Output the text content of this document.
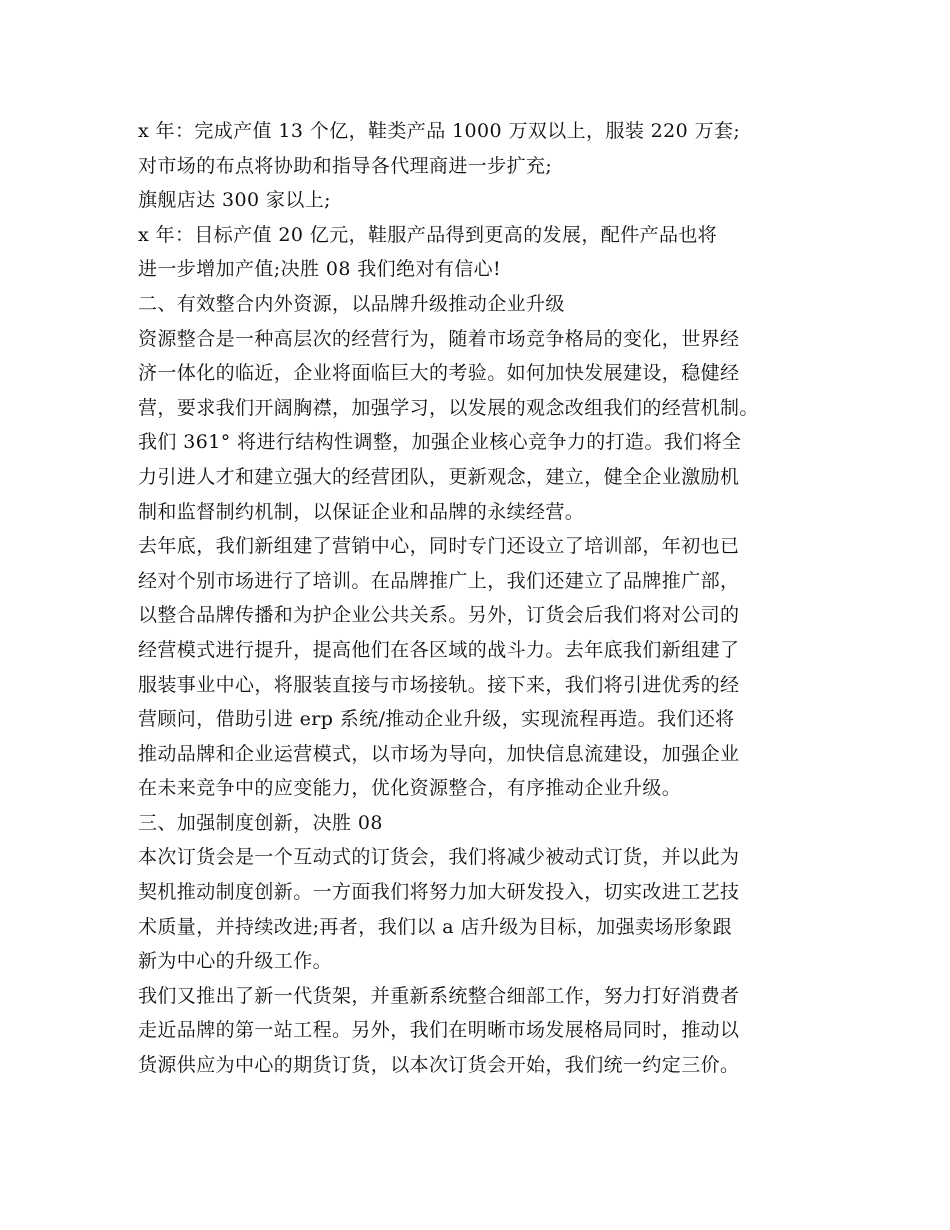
x 年：完成产值 13 个亿，鞋类产品 1000 万双以上，服装 220 万套;
对市场的布点将协助和指导各代理商进一步扩充;
旗舰店达 300 家以上;
x 年：目标产值 20 亿元，鞋服产品得到更高的发展，配件产品也将
进一步增加产值;决胜 08 我们绝对有信心!
二、有效整合内外资源，以品牌升级推动企业升级
资源整合是一种高层次的经营行为，随着市场竞争格局的变化，世界经
济一体化的临近，企业将面临巨大的考验。如何加快发展建设，稳健经
营，要求我们开阔胸襟，加强学习，以发展的观念改组我们的经营机制。
我们 361° 将进行结构性调整，加强企业核心竞争力的打造。我们将全
力引进人才和建立强大的经营团队，更新观念，建立，健全企业激励机
制和监督制约机制，以保证企业和品牌的永续经营。
去年底，我们新组建了营销中心，同时专门还设立了培训部，年初也已
经对个别市场进行了培训。在品牌推广上，我们还建立了品牌推广部，
以整合品牌传播和为护企业公共关系。另外，订货会后我们将对公司的
经营模式进行提升，提高他们在各区域的战斗力。去年底我们新组建了
服装事业中心，将服装直接与市场接轨。接下来，我们将引进优秀的经
营顾问，借助引进 erp 系统/推动企业升级，实现流程再造。我们还将
推动品牌和企业运营模式，以市场为导向，加快信息流建设，加强企业
在未来竞争中的应变能力，优化资源整合，有序推动企业升级。
三、加强制度创新，决胜 08
本次订货会是一个互动式的订货会，我们将减少被动式订货，并以此为
契机推动制度创新。一方面我们将努力加大研发投入，切实改进工艺技
术质量，并持续改进;再者，我们以 a 店升级为目标，加强卖场形象跟
新为中心的升级工作。
我们又推出了新一代货架，并重新系统整合细部工作，努力打好消费者
走近品牌的第一站工程。另外，我们在明晰市场发展格局同时，推动以
货源供应为中心的期货订货，以本次订货会开始，我们统一约定三价。
